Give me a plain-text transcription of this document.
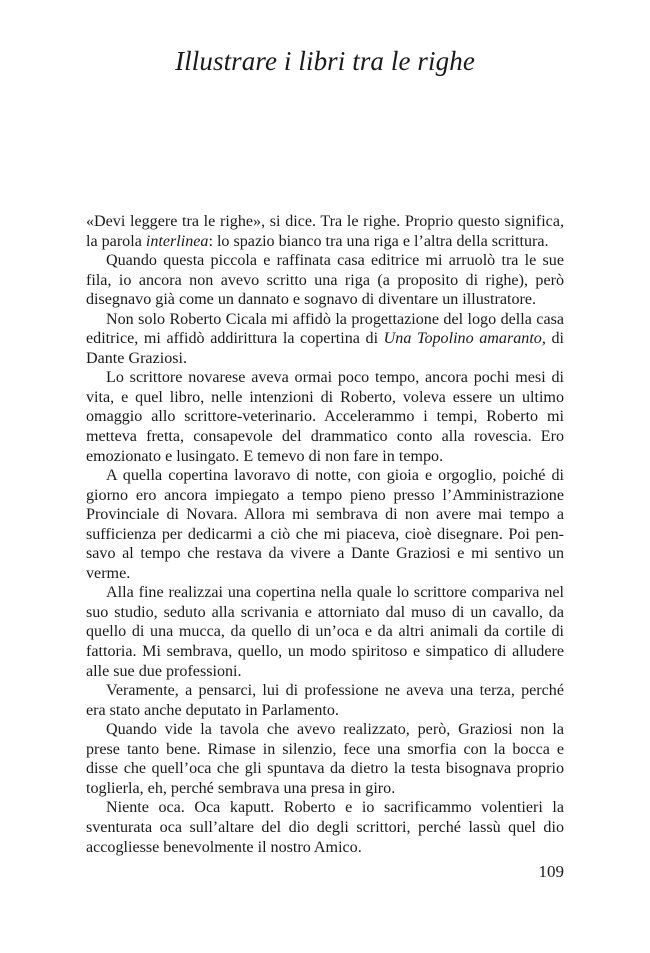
Illustrare i libri tra le righe

«Devi leggere tra le righe», si dice. Tra le righe. Proprio questo significa, la parola interlinea: lo spazio bianco tra una riga e l’altra della scrittura.

Quando questa piccola e raffinata casa editrice mi arruolò tra le sue fila, io ancora non avevo scritto una riga (a proposito di righe), però disegnavo già come un dannato e sognavo di diventare un illustratore.

Non solo Roberto Cicala mi affidò la progettazione del logo della casa editrice, mi affidò addirittura la copertina di Una Topolino amaranto, di Dante Graziosi.

Lo scrittore novarese aveva ormai poco tempo, ancora pochi mesi di vita, e quel libro, nelle intenzioni di Roberto, voleva essere un ultimo omaggio allo scrittore-veterinario. Accelerammo i tempi, Roberto mi metteva fretta, consapevole del drammatico conto alla rovescia. Ero emozionato e lusingato. E temevo di non fare in tempo.

A quella copertina lavoravo di notte, con gioia e orgoglio, poiché di giorno ero ancora impiegato a tempo pieno presso l’Amministrazione Provinciale di Novara. Allora mi sembrava di non avere mai tempo a sufficienza per dedicarmi a ciò che mi piaceva, cioè disegnare. Poi pensavo al tempo che restava da vivere a Dante Graziosi e mi sentivo un verme.

Alla fine realizzai una copertina nella quale lo scrittore compariva nel suo studio, seduto alla scrivania e attorniato dal muso di un cavallo, da quello di una mucca, da quello di un’oca e da altri animali da cortile di fattoria. Mi sembrava, quello, un modo spiritoso e simpatico di alludere alle sue due professioni.

Veramente, a pensarci, lui di professione ne aveva una terza, perché era stato anche deputato in Parlamento.

Quando vide la tavola che avevo realizzato, però, Graziosi non la prese tanto bene. Rimase in silenzio, fece una smorfia con la bocca e disse che quell’oca che gli spuntava da dietro la testa bisognava proprio toglierla, eh, perché sembrava una presa in giro.

Niente oca. Oca kaputt. Roberto e io sacrificammo volentieri la sventurata oca sull’altare del dio degli scrittori, perché lassù quel dio accogliesse benevolmente il nostro Amico.

109
